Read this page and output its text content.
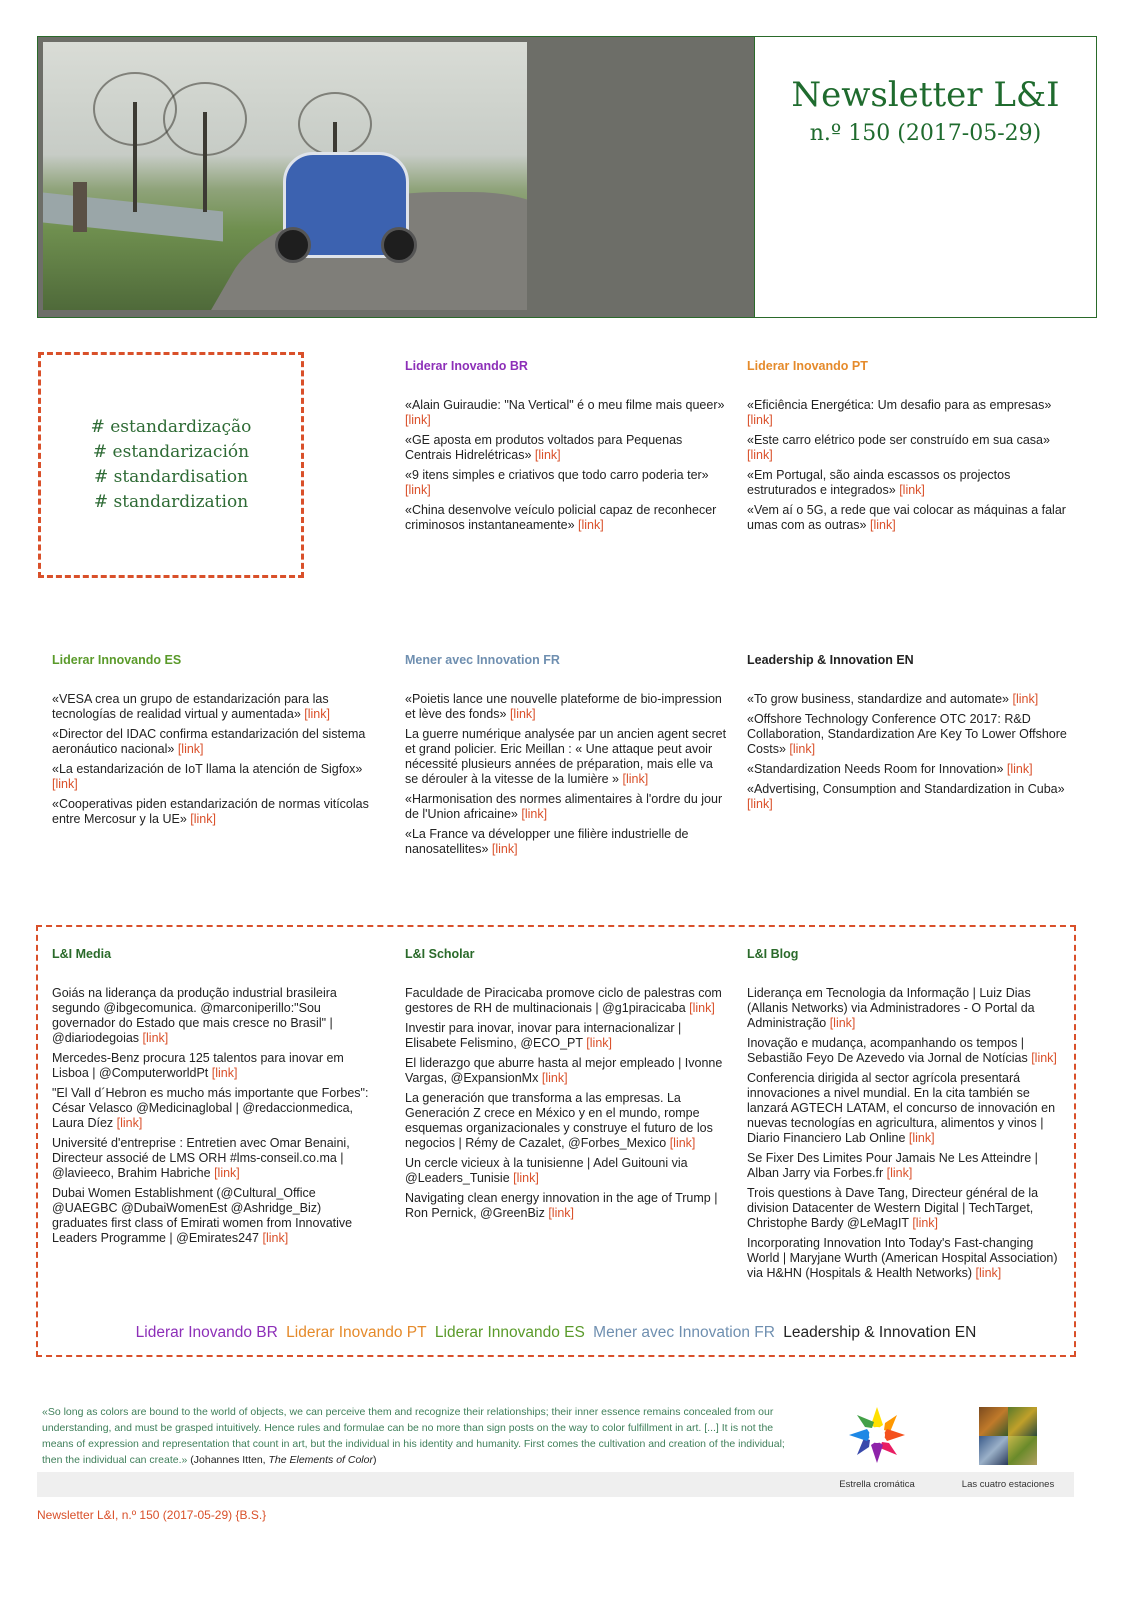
Newsletter L&I
n.º 150 (2017-05-29)
# estandardização
# estandarización
# standardisation
# standardization
Liderar Inovando BR

«Alain Guiraudie: "Na Vertical" é o meu filme mais queer» [link]

«GE aposta em produtos voltados para Pequenas Centrais Hidrelétricas» [link]

«9 itens simples e criativos que todo carro poderia ter» [link]

«China desenvolve veículo policial capaz de reconhecer criminosos instantaneamente» [link]

Liderar Inovando PT

«Eficiência Energética: Um desafio para as empresas» [link]

«Este carro elétrico pode ser construído em sua casa» [link]

«Em Portugal, são ainda escassos os projectos estruturados e integrados» [link]

«Vem aí o 5G, a rede que vai colocar as máquinas a falar umas com as outras» [link]

Liderar Innovando ES

«VESA crea un grupo de estandarización para las tecnologías de realidad virtual y aumentada» [link]

«Director del IDAC confirma estandarización del sistema aeronáutico nacional» [link]

«La estandarización de IoT llama la atención de Sigfox» [link]

«Cooperativas piden estandarización de normas vitícolas entre Mercosur y la UE» [link]

Mener avec Innovation FR

«Poietis lance une nouvelle plateforme de bio-impression et lève des fonds» [link]

La guerre numérique analysée par un ancien agent secret et grand policier. Eric Meillan : « Une attaque peut avoir nécessité plusieurs années de préparation, mais elle va se dérouler à la vitesse de la lumière » [link]

«Harmonisation des normes alimentaires à l'ordre du jour de l'Union africaine» [link]

«La France va développer une filière industrielle de nanosatellites» [link]

Leadership & Innovation EN

«To grow business, standardize and automate» [link]

«Offshore Technology Conference OTC 2017: R&D Collaboration, Standardization Are Key To Lower Offshore Costs» [link]

«Standardization Needs Room for Innovation» [link]

«Advertising, Consumption and Standardization in Cuba» [link]

L&I Media

Goiás na liderança da produção industrial brasileira segundo @ibgecomunica. @marconiperillo:"Sou governador do Estado que mais cresce no Brasil" | @diariodegoias [link]

Mercedes-Benz procura 125 talentos para inovar em Lisboa | @ComputerworldPt [link]

"El Vall d´Hebron es mucho más importante que Forbes": César Velasco @Medicinaglobal | @redaccionmedica, Laura Díez [link]

Université d'entreprise : Entretien avec Omar Benaini, Directeur associé de LMS ORH #lms-conseil.co.ma | @lavieeco, Brahim Habriche [link]

Dubai Women Establishment (@Cultural_Office @UAEGBC @DubaiWomenEst @Ashridge_Biz) graduates first class of Emirati women from Innovative Leaders Programme | @Emirates247 [link]

L&I Scholar

Faculdade de Piracicaba promove ciclo de palestras com gestores de RH de multinacionais | @g1piracicaba [link]

Investir para inovar, inovar para internacionalizar | Elisabete Felismino, @ECO_PT [link]

El liderazgo que aburre hasta al mejor empleado | Ivonne Vargas, @ExpansionMx [link]

La generación que transforma a las empresas. La Generación Z crece en México y en el mundo, rompe esquemas organizacionales y construye el futuro de los negocios | Rémy de Cazalet, @Forbes_Mexico [link]

Un cercle vicieux à la tunisienne | Adel Guitouni via @Leaders_Tunisie [link]

Navigating clean energy innovation in the age of Trump | Ron Pernick, @GreenBiz [link]

L&I Blog

Liderança em Tecnologia da Informação | Luiz Dias (Allanis Networks) via Administradores - O Portal da Administração [link]

Inovação e mudança, acompanhando os tempos | Sebastião Feyo De Azevedo via Jornal de Notícias [link]

Conferencia dirigida al sector agrícola presentará innovaciones a nivel mundial. En la cita también se lanzará AGTECH LATAM, el concurso de innovación en nuevas tecnologías en agricultura, alimentos y vinos | Diario Financiero Lab Online [link]

Se Fixer Des Limites Pour Jamais Ne Les Atteindre | Alban Jarry via Forbes.fr [link]

Trois questions à Dave Tang, Directeur général de la division Datacenter de Western Digital | TechTarget, Christophe Bardy @LeMagIT [link]

Incorporating Innovation Into Today's Fast-changing World | Maryjane Wurth (American Hospital Association) via H&HN (Hospitals & Health Networks) [link]

Liderar Inovando BR Liderar Inovando PT Liderar Innovando ES Mener avec Innovation FR Leadership & Innovation EN
«So long as colors are bound to the world of objects, we can perceive them and recognize their relationships; their inner essence remains concealed from our understanding, and must be grasped intuitively. Hence rules and formulae can be no more than sign posts on the way to color fulfillment in art. [...] It is not the means of expression and representation that count in art, but the individual in his identity and humanity. First comes the cultivation and creation of the individual; then the individual can create.» (Johannes Itten, The Elements of Color)
Estrella cromática	Las cuatro estaciones
Newsletter L&I, n.º 150 (2017-05-29) {B.S.}
